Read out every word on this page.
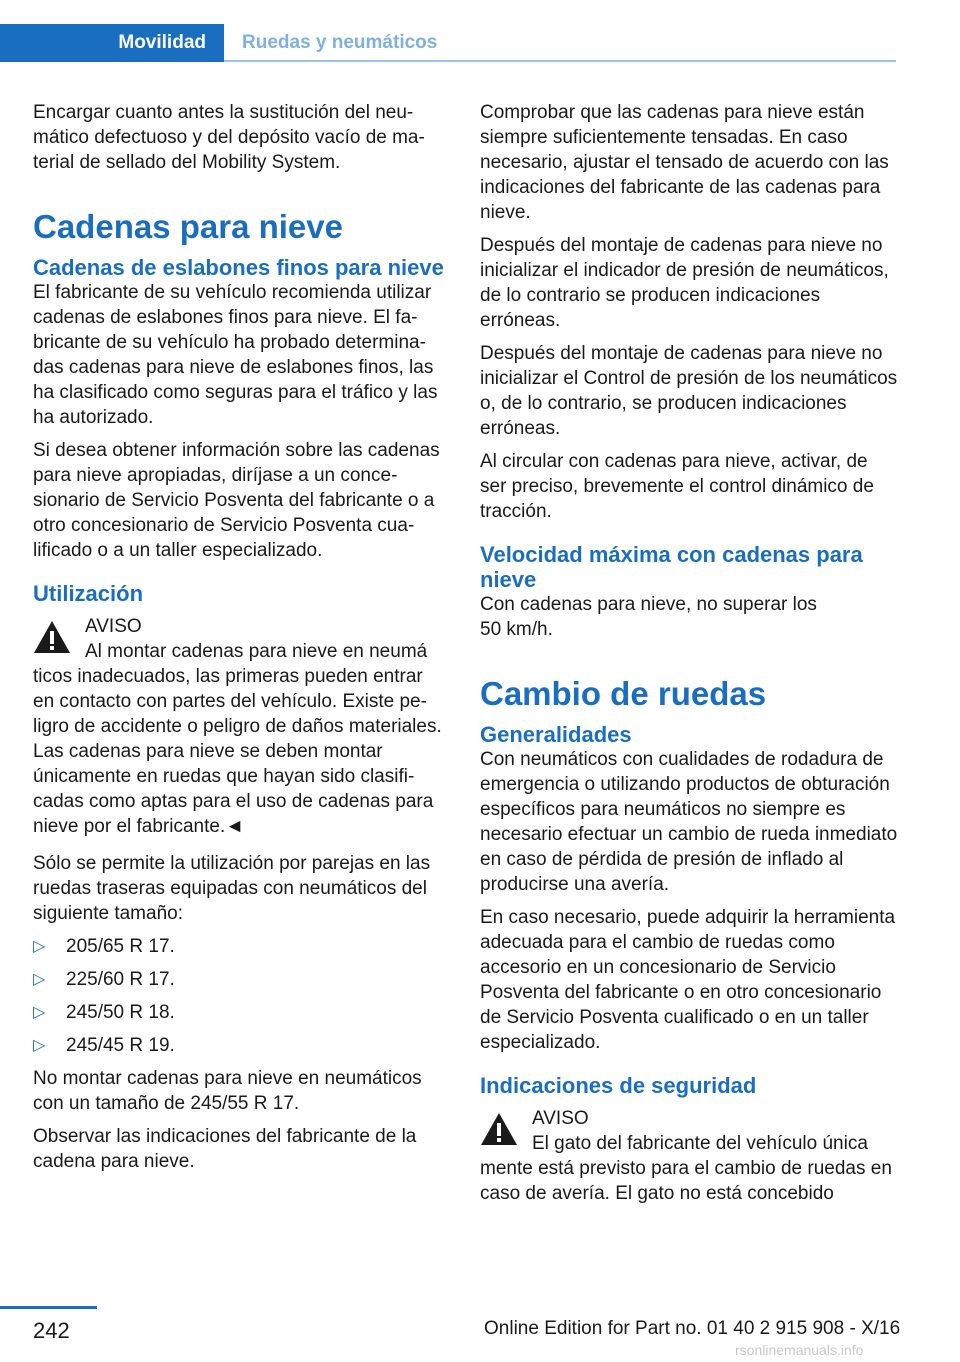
Movilidad Ruedas y neumáticos

Encargar cuanto antes la sustitución del neumático defectuoso y del depósito vacío de material de sellado del Mobility System.

Cadenas para nieve
Cadenas de eslabones finos para nieve

El fabricante de su vehículo recomienda utilizar cadenas de eslabones finos para nieve. El fabricante de su vehículo ha probado determinadas cadenas para nieve de eslabones finos, las ha clasificado como seguras para el tráfico y las ha autorizado.

Si desea obtener información sobre las cadenas para nieve apropiadas, diríjase a un concesionario de Servicio Posventa del fabricante o a otro concesionario de Servicio Posventa cualificado o a un taller especializado.

Utilización
AVISO
Al montar cadenas para nieve en neumá

ticos inadecuados, las primeras pueden entrar en contacto con partes del vehículo. Existe peligro de accidente o peligro de daños materiales. Las cadenas para nieve se deben montar únicamente en ruedas que hayan sido clasificadas como aptas para el uso de cadenas para nieve por el fabricante.◄

Sólo se permite la utilización por parejas en las ruedas traseras equipadas con neumáticos del siguiente tamaño:

▷ 205/65 R 17.
▷ 225/60 R 17.
▷ 245/50 R 18.
▷ 245/45 R 19.

No montar cadenas para nieve en neumáticos con un tamaño de 245/55 R 17.

Observar las indicaciones del fabricante de la cadena para nieve.

Comprobar que las cadenas para nieve están siempre suficientemente tensadas. En caso necesario, ajustar el tensado de acuerdo con las indicaciones del fabricante de las cadenas para nieve.

Después del montaje de cadenas para nieve no inicializar el indicador de presión de neumáticos, de lo contrario se producen indicaciones erróneas.

Después del montaje de cadenas para nieve no inicializar el Control de presión de los neumáticos o, de lo contrario, se producen indicaciones erróneas.

Al circular con cadenas para nieve, activar, de ser preciso, brevemente el control dinámico de tracción.

Velocidad máxima con cadenas para nieve

Con cadenas para nieve, no superar los 50 km/h.

Cambio de ruedas
Generalidades

Con neumáticos con cualidades de rodadura de emergencia o utilizando productos de obturación específicos para neumáticos no siempre es necesario efectuar un cambio de rueda inmediato en caso de pérdida de presión de inflado al producirse una avería.

En caso necesario, puede adquirir la herramienta adecuada para el cambio de ruedas como accesorio en un concesionario de Servicio Posventa del fabricante o en otro concesionario de Servicio Posventa cualificado o en un taller especializado.

Indicaciones de seguridad
AVISO
El gato del fabricante del vehículo única

mente está previsto para el cambio de ruedas en caso de avería. El gato no está concebido

242	Online Edition for Part no. 01 40 2 915 908 - X/16
rsonlinemanuals.info
